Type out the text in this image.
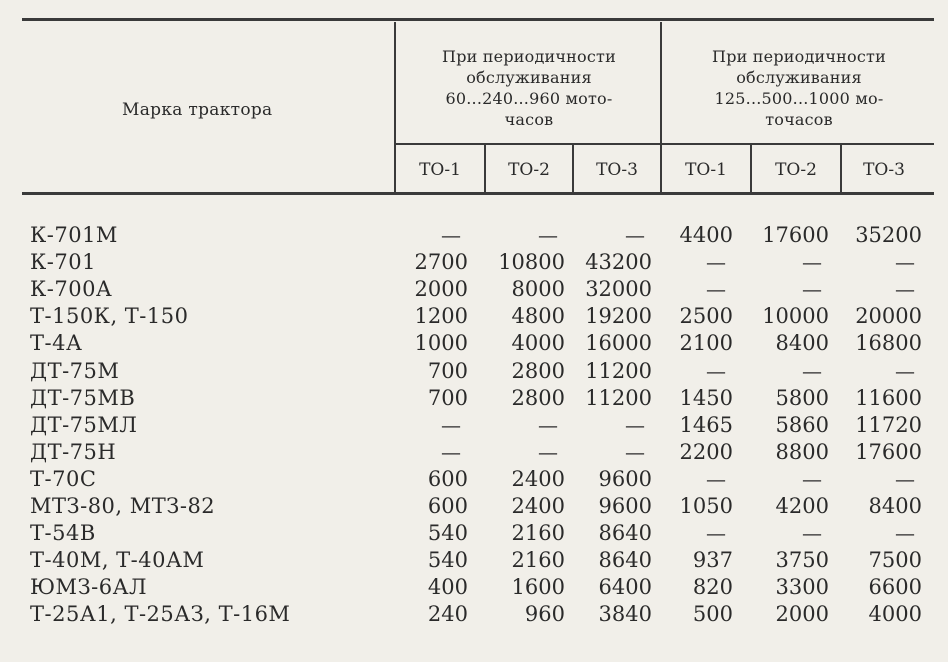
Марка трактора
При периодичности
обслуживания
60...240...960 мото-
часов
При периодичности
обслуживания
125...500...1000 мо-
точасов
ТО-1	ТО-2	ТО-3	ТО-1	ТО-2	ТО-3
К-701М	—	—	— 4400 17600 35200
К-701	2700 10800 43200	—	—	—
К-700А	2000 8000 32000	—	—	—
Т-150К, Т-150	1200 4800 19200 2500 10000 20000
Т-4А	1000 4000 16000 2100 8400 16800
ДТ-75М	700 2800 11200	—	—	—
ДТ-75МВ	700 2800 11200 1450 5800 11600
ДТ-75МЛ	—	—	— 1465 5860 11720
ДТ-75Н	—	—	— 2200 8800 17600
Т-70С	600 2400 9600	—	—	—
МТЗ-80, МТЗ-82	600 2400 9600 1050 4200 8400
Т-54В	540 2160 8640	—	—	—
Т-40М, Т-40АМ	540 2160 8640 937 3750 7500
ЮМЗ-6АЛ	400 1600 6400 820 3300 6600
Т-25А1, Т-25АЗ, Т-16М	240	960 3840 500 2000 4000
